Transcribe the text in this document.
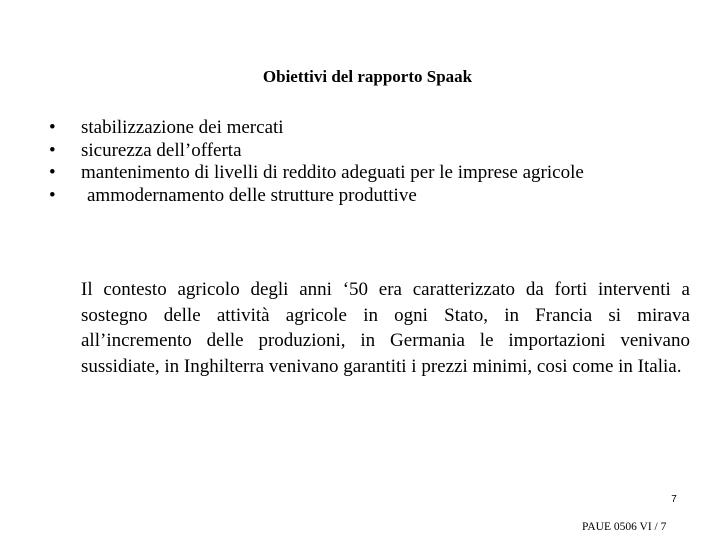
Obiettivi del rapporto Spaak
•	stabilizzazione dei mercati
•	sicurezza dell’offerta
•	mantenimento di livelli di reddito adeguati per le imprese agricole
•	ammodernamento delle strutture produttive

Il contesto agricolo degli anni ‘50 era caratterizzato da forti interventi a sostegno delle attività agricole in ogni Stato, in Francia si mirava all’incremento delle produzioni, in Germania le importazioni venivano sussidiate, in Inghilterra venivano garantiti i prezzi minimi, cosi come in Italia.

7
PAUE 0506 VI / 7
